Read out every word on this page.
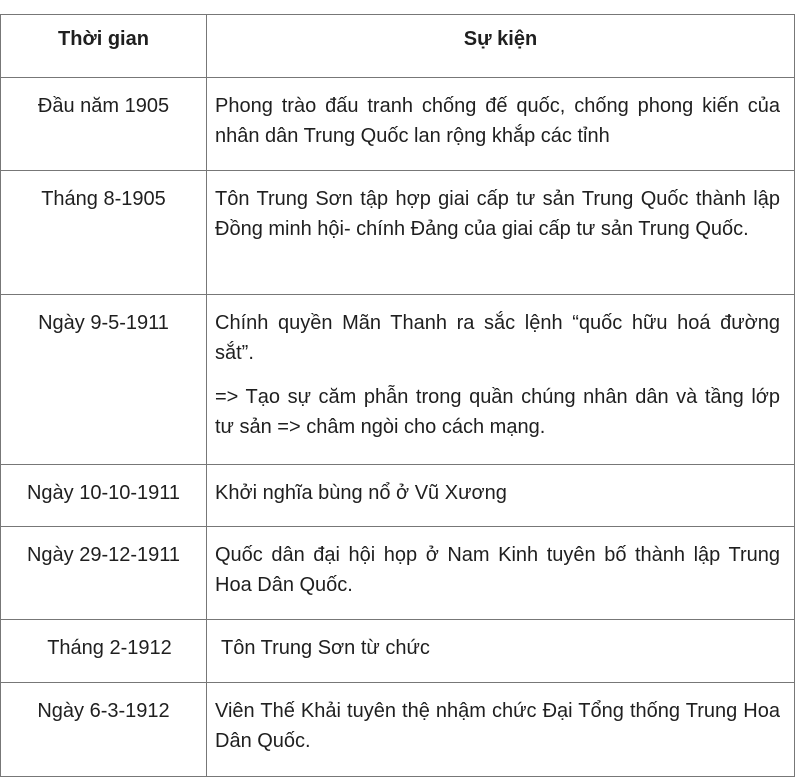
Thời gian	Sự kiện

Đầu năm 1905	Phong trào đấu tranh chống đế quốc, chống phong kiến của nhân dân Trung Quốc lan rộng khắp các tỉnh

Tháng 8-1905	Tôn Trung Sơn tập hợp giai cấp tư sản Trung Quốc thành lập Đồng minh hội- chính Đảng của giai cấp tư sản Trung Quốc.

Ngày 9-5-1911	Chính quyền Mãn Thanh ra sắc lệnh “quốc hữu hoá đường sắt”.

=> Tạo sự căm phẫn trong quần chúng nhân dân và tầng lớp tư sản => châm ngòi cho cách mạng.

Ngày 10-10-1911	Khởi nghĩa bùng nổ ở Vũ Xương

Ngày 29-12-1911	Quốc dân đại hội họp ở Nam Kinh tuyên bố thành lập Trung Hoa Dân Quốc.

Tháng 2-1912	Tôn Trung Sơn từ chức

Ngày 6-3-1912	Viên Thế Khải tuyên thệ nhậm chức Đại Tổng thống Trung Hoa Dân Quốc.
